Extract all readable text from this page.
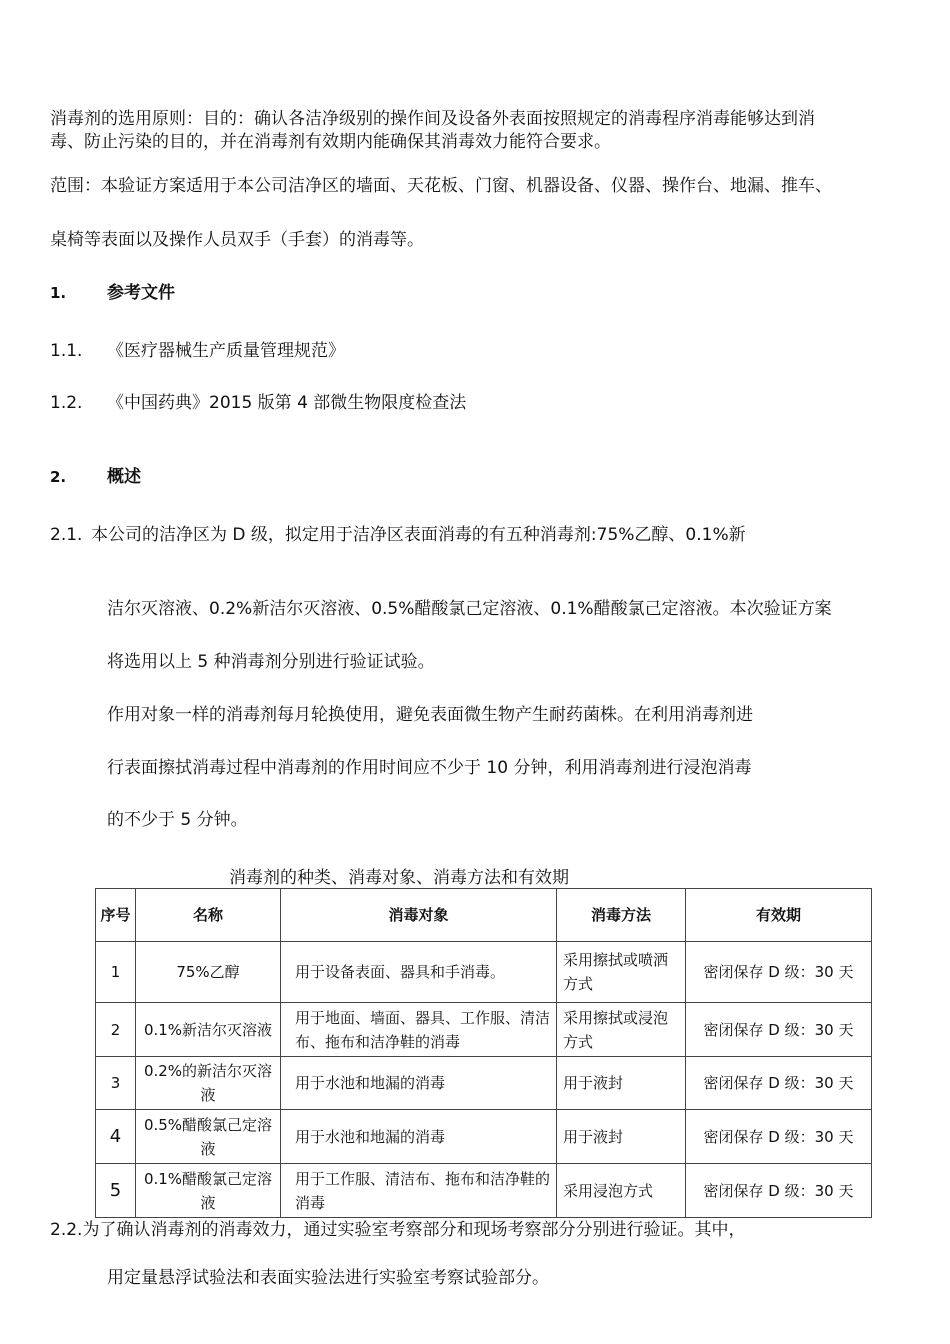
消毒剂的选用原则：目的：确认各洁净级别的操作间及设备外表面按照规定的消毒程序消毒能够达到消
毒、防止污染的目的，并在消毒剂有效期内能确保其消毒效力能符合要求。
范围：本验证方案适用于本公司洁净区的墙面、天花板、门窗、机器设备、仪器、操作台、地漏、推车、
桌椅等表面以及操作人员双手（手套）的消毒等。
1. 参考文件
1.1. 《医疗器械生产质量管理规范》
1.2. 《中国药典》2015 版第 4 部微生物限度检查法
2. 概述
2.1. 本公司的洁净区为 D 级，拟定用于洁净区表面消毒的有五种消毒剂:75%乙醇、0.1%新
洁尔灭溶液、0.2%新洁尔灭溶液、0.5%醋酸氯己定溶液、0.1%醋酸氯己定溶液。本次验证方案
将选用以上 5 种消毒剂分别进行验证试验。
作用对象一样的消毒剂每月轮换使用，避免表面微生物产生耐药菌株。在利用消毒剂进
行表面擦拭消毒过程中消毒剂的作用时间应不少于 10 分钟，利用消毒剂进行浸泡消毒
的不少于 5 分钟。
消毒剂的种类、消毒对象、消毒方法和有效期
序号	名称	消毒对象	消毒方法	有效期
1	75%乙醇	用于设备表面、器具和手消毒。	采用擦拭或喷洒方式	密闭保存 D 级：30 天
2	0.1%新洁尔灭溶液	用于地面、墙面、器具、工作服、清洁布、拖布和洁净鞋的消毒	采用擦拭或浸泡方式	密闭保存 D 级：30 天
3	0.2%的新洁尔灭溶液	用于水池和地漏的消毒	用于液封	密闭保存 D 级：30 天
4	0.5%醋酸氯己定溶液	用于水池和地漏的消毒	用于液封	密闭保存 D 级：30 天
5	0.1%醋酸氯己定溶液	用于工作服、清洁布、拖布和洁净鞋的消毒	采用浸泡方式	密闭保存 D 级：30 天
2.2.为了确认消毒剂的消毒效力，通过实验室考察部分和现场考察部分分别进行验证。其中，
用定量悬浮试验法和表面实验法进行实验室考察试验部分。
